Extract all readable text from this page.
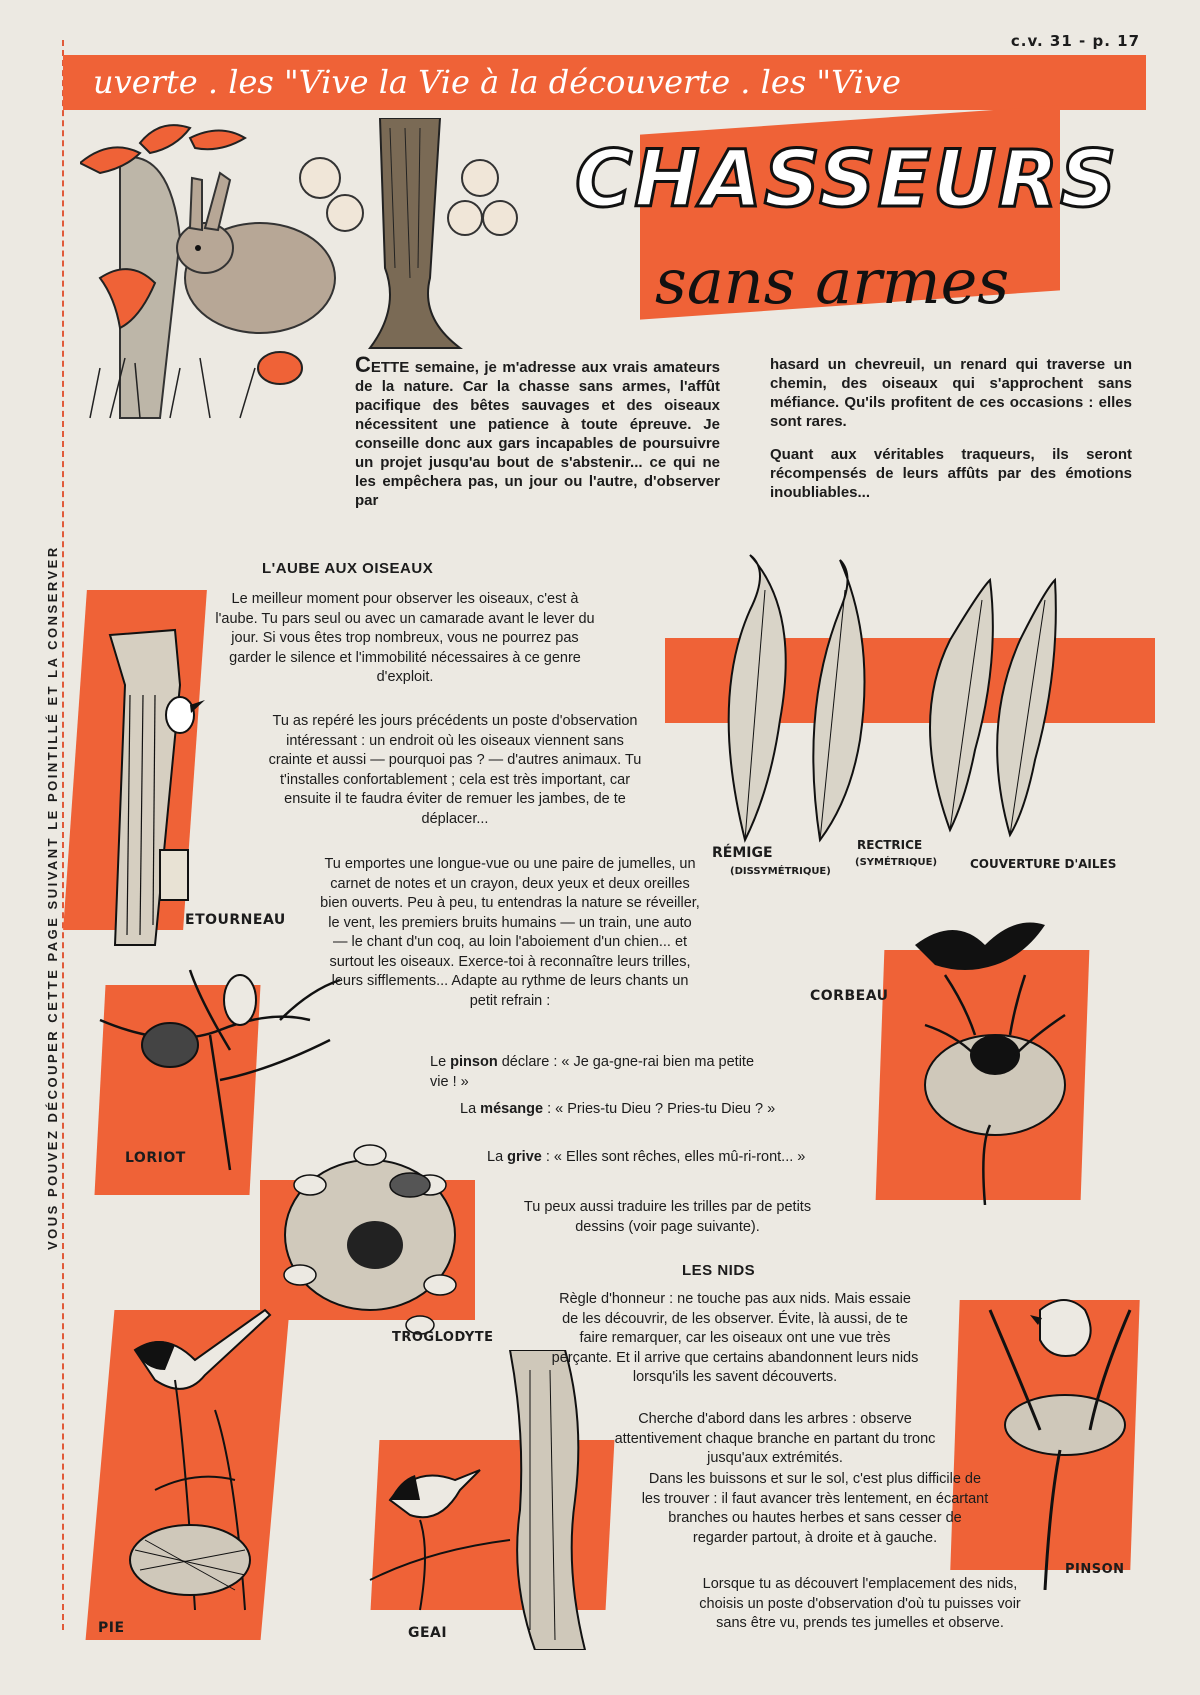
c.v. 31 - p. 17
VOUS POUVEZ DÉCOUPER CETTE PAGE SUIVANT LE POINTILLÉ ET LA CONSERVER
uverte . les "Vive la Vie à la découverte . les "Vive
CHASSEURS
sans armes
CETTE semaine, je m'adresse aux vrais amateurs de la nature. Car la chasse sans armes, l'affût pacifique des bêtes sauvages et des oiseaux nécessitent une patience à toute épreuve. Je conseille donc aux gars incapables de poursuivre un projet jusqu'au bout de s'abstenir... ce qui ne les empêchera pas, un jour ou l'autre, d'observer par

hasard un chevreuil, un renard qui traverse un chemin, des oiseaux qui s'approchent sans méfiance. Qu'ils profitent de ces occasions : elles sont rares.

Quant aux véritables traqueurs, ils seront récompensés de leurs affûts par des émotions inoubliables...

RÉMIGE
(DISSYMÉTRIQUE)
RECTRICE
(SYMÉTRIQUE)	COUVERTURE D'AILES
ETOURNEAU
LORIOT
TROGLODYTE
PIE	GEAI
CORBEAU
PINSON
L'AUBE AUX OISEAUX

Le meilleur moment pour observer les oiseaux, c'est à l'aube. Tu pars seul ou avec un camarade avant le lever du jour. Si vous êtes trop nombreux, vous ne pourrez pas garder le silence et l'immobilité nécessaires à ce genre d'exploit.

Tu as repéré les jours précédents un poste d'observation intéressant : un endroit où les oiseaux viennent sans crainte et aussi — pourquoi pas ? — d'autres animaux. Tu t'installes confortablement ; cela est très important, car ensuite il te faudra éviter de remuer les jambes, de te déplacer...

Tu emportes une longue-vue ou une paire de jumelles, un carnet de notes et un crayon, deux yeux et deux oreilles bien ouverts. Peu à peu, tu entendras la nature se réveiller, le vent, les premiers bruits humains — un train, une auto — le chant d'un coq, au loin l'aboiement d'un chien... et surtout les oiseaux. Exerce-toi à reconnaître leurs trilles, leurs sifflements... Adapte au rythme de leurs chants un petit refrain :

Le pinson déclare : « Je ga-gne-rai bien ma petite vie ! »
La mésange : « Pries-tu Dieu ? Pries-tu Dieu ? »
La grive : « Elles sont rêches, elles mû-ri-ront... »
Tu peux aussi traduire les trilles par de petits dessins (voir page suivante).
LES NIDS
Règle d'honneur : ne touche pas aux nids. Mais essaie de les découvrir, de les observer. Évite, là aussi, de te faire remarquer, car les oiseaux ont une vue très perçante. Et il arrive que certains abandonnent leurs nids lorsqu'ils les savent découverts.
Cherche d'abord dans les arbres : observe attentivement chaque branche en partant du tronc jusqu'aux extrémités.
Dans les buissons et sur le sol, c'est plus difficile de les trouver : il faut avancer très lentement, en écartant branches ou hautes herbes et sans cesser de regarder partout, à droite et à gauche.
Lorsque tu as découvert l'emplacement des nids, choisis un poste d'observation d'où tu puisses voir sans être vu, prends tes jumelles et observe.
